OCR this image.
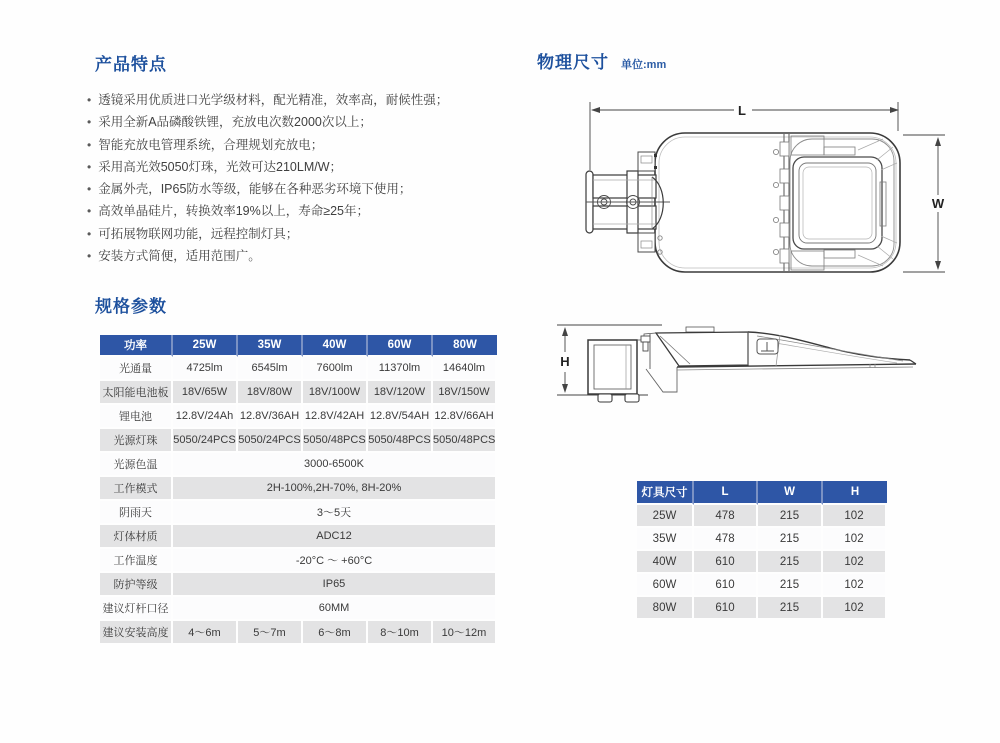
产品特点
• 透镜采用优质进口光学级材料，配光精准，效率高，耐候性强；
• 采用全新A品磷酸铁锂，充放电次数2000次以上；
• 智能充放电管理系统，合理规划充放电；
• 采用高光效5050灯珠，光效可达210LM/W；
• 金属外壳，IP65防水等级，能够在各种恶劣环境下使用；
• 高效单晶硅片，转换效率19%以上，寿命≥25年；
• 可拓展物联网功能，远程控制灯具；
• 安装方式简便，适用范围广。
物理尺寸 单位:mm
L
W
H
规格参数
功率	25W	35W	40W	60W	80W
光通量	4725lm	6545lm	7600lm	11370lm	14640lm
太阳能电池板	18V/65W	18V/80W	18V/100W	18V/120W	18V/150W
锂电池	12.8V/24Ah	12.8V/36AH	12.8V/42AH	12.8V/54AH	12.8V/66AH
光源灯珠	5050/24PCS	5050/24PCS	5050/48PCS	5050/48PCS	5050/48PCS
光源色温	3000-6500K				
工作模式	2H-100%,2H-70%, 8H-20%				
阴雨天	3～5天				
灯体材质	ADC12				
工作温度	-20°C ～ +60°C				
防护等级	IP65				
建议灯杆口径	60MM				
建议安装高度	4～6m	5～7m	6～8m	8～10m	10～12m
灯具尺寸	L	W	H
25W	478	215	102
35W	478	215	102
40W	610	215	102
60W	610	215	102
80W	610	215	102
